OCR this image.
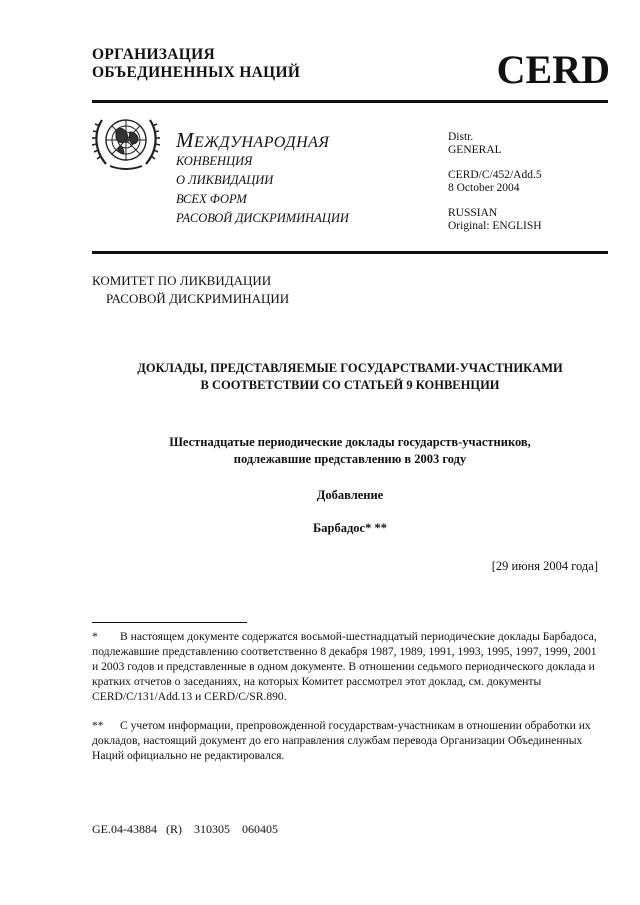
ОРГАНИЗАЦИЯ
ОБЪЕДИНЕННЫХ НАЦИЙ	CERD
МЕЖДУНАРОДНАЯ
КОНВЕНЦИЯ
О ЛИКВИДАЦИИ
ВСЕХ ФОРМ
РАСОВОЙ ДИСКРИМИНАЦИИ
Distr.
GENERAL
CERD/C/452/Add.5
8 October 2004
RUSSIAN
Original: ENGLISH
КОМИТЕТ ПО ЛИКВИДАЦИИ
РАСОВОЙ ДИСКРИМИНАЦИИ
ДОКЛАДЫ, ПРЕДСТАВЛЯЕМЫЕ ГОСУДАРСТВАМИ-УЧАСТНИКАМИ
В СООТВЕТСТВИИ СО СТАТЬЕЙ 9 КОНВЕНЦИИ
Шестнадцатые периодические доклады государств-участников,
подлежавшие представлению в 2003 году
Добавление
Барбадос* **
[29 июня 2004 года]
* В настоящем документе содержатся восьмой-шестнадцатый периодические доклады Барбадоса, подлежавшие представлению соответственно 8 декабря 1987, 1989, 1991, 1993, 1995, 1997, 1999, 2001 и 2003 годов и представленные в одном документе. В отношении седьмого периодического доклада и кратких отчетов о заседаниях, на которых Комитет рассмотрел этот доклад, см. документы CERD/C/131/Add.13 и CERD/C/SR.890.
** С учетом информации, препровожденной государствам-участникам в отношении обработки их докладов, настоящий документ до его направления службам перевода Организации Объединенных Наций официально не редактировался.
GE.04-43884   (R)    310305    060405
